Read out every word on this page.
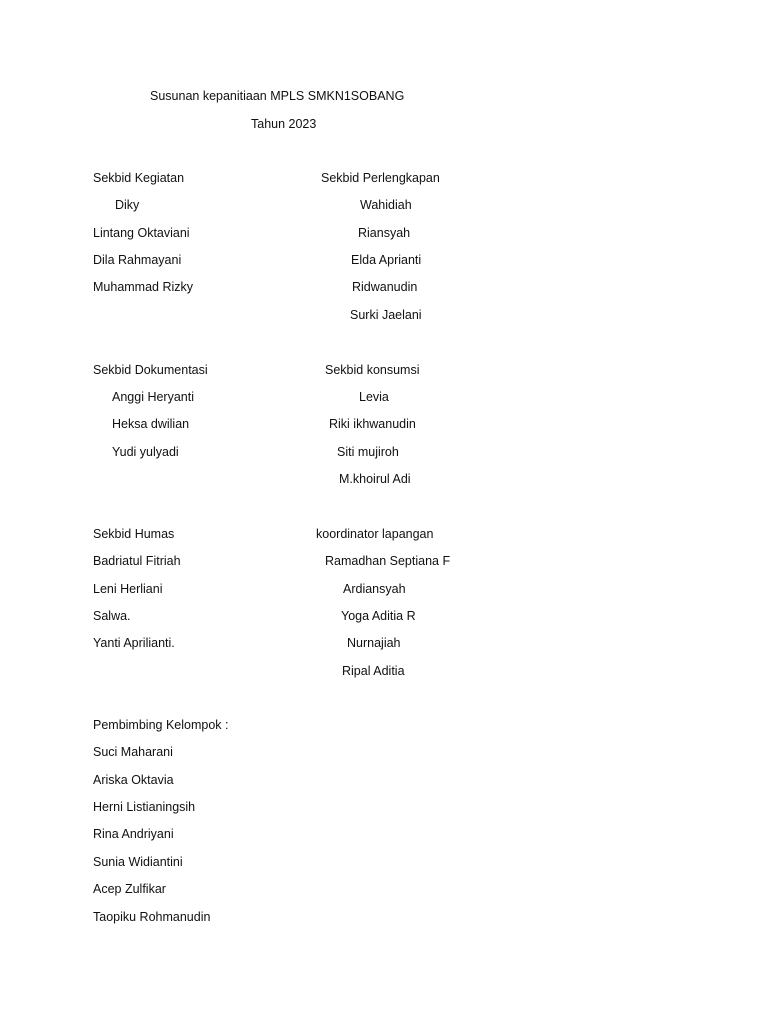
Susunan kepanitiaan MPLS SMKN1SOBANG
Tahun 2023
Sekbid Kegiatan
Diky
Lintang Oktaviani
Dila Rahmayani
Muhammad Rizky
Sekbid Perlengkapan
Wahidiah
Riansyah
Elda Aprianti
Ridwanudin
Surki Jaelani
Sekbid Dokumentasi
Anggi Heryanti
Heksa dwilian
Yudi yulyadi
Sekbid konsumsi
Levia
Riki ikhwanudin
Siti mujiroh
M.khoirul Adi
Sekbid Humas
Badriatul Fitriah
Leni Herliani
Salwa.
Yanti Aprilianti.
koordinator lapangan
Ramadhan Septiana F
Ardiansyah
Yoga Aditia R
Nurnajiah
Ripal Aditia
Pembimbing Kelompok :
Suci Maharani
Ariska Oktavia
Herni Listianingsih
Rina Andriyani
Sunia Widiantini
Acep Zulfikar
Taopiku Rohmanudin
